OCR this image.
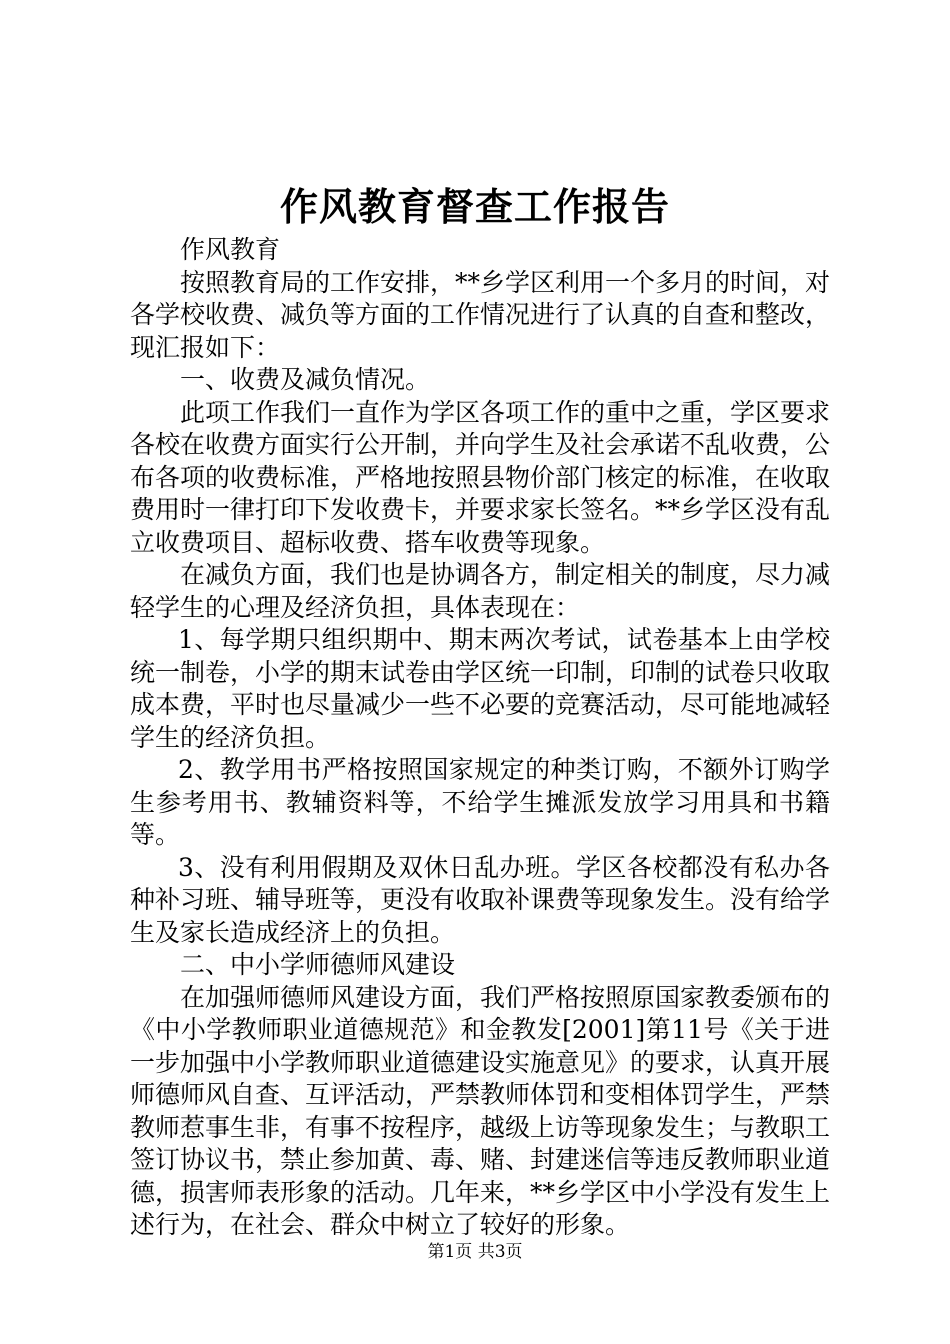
作风教育督查工作报告

作风教育

按照教育局的工作安排，**乡学区利用一个多月的时间，对各学校收费、减负等方面的工作情况进行了认真的自查和整改，现汇报如下：

一、收费及减负情况。

此项工作我们一直作为学区各项工作的重中之重，学区要求各校在收费方面实行公开制，并向学生及社会承诺不乱收费，公布各项的收费标准，严格地按照县物价部门核定的标准，在收取费用时一律打印下发收费卡，并要求家长签名。**乡学区没有乱立收费项目、超标收费、搭车收费等现象。

在减负方面，我们也是协调各方，制定相关的制度，尽力减轻学生的心理及经济负担，具体表现在：

1、每学期只组织期中、期末两次考试，试卷基本上由学校统一制卷，小学的期末试卷由学区统一印制，印制的试卷只收取成本费，平时也尽量减少一些不必要的竞赛活动，尽可能地减轻学生的经济负担。

2、教学用书严格按照国家规定的种类订购，不额外订购学生参考用书、教辅资料等，不给学生摊派发放学习用具和书籍等。

3、没有利用假期及双休日乱办班。学区各校都没有私办各种补习班、辅导班等，更没有收取补课费等现象发生。没有给学生及家长造成经济上的负担。

二、中小学师德师风建设

在加强师德师风建设方面，我们严格按照原国家教委颁布的《中小学教师职业道德规范》和金教发[2001]第11号《关于进一步加强中小学教师职业道德建设实施意见》的要求，认真开展师德师风自查、互评活动，严禁教师体罚和变相体罚学生，严禁教师惹事生非，有事不按程序，越级上访等现象发生；与教职工签订协议书，禁止参加黄、毒、赌、封建迷信等违反教师职业道德，损害师表形象的活动。几年来，**乡学区中小学没有发生上述行为，在社会、群众中树立了较好的形象。

第1页 共3页
